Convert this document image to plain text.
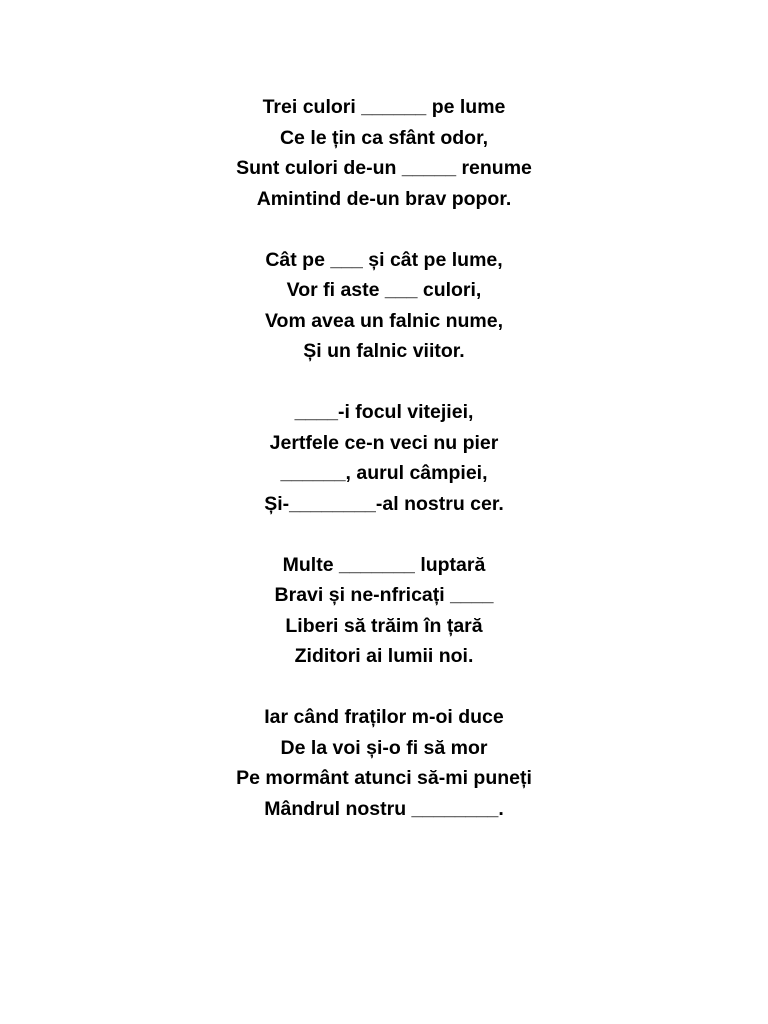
Trei culori ______ pe lume
Ce le țin ca sfânt odor,
Sunt culori de-un _____ renume
Amintind de-un brav popor.
Cât pe ___ și cât pe lume,
Vor fi aste ___ culori,
Vom avea un falnic nume,
Și un falnic viitor.
____-i focul vitejiei,
Jertfele ce-n veci nu pier
______, aurul câmpiei,
Și-________-al nostru cer.
Multe _______ luptară
Bravi și ne-nfricați ____
Liberi să trăim în țară
Ziditori ai lumii noi.
Iar când fraților m-oi duce
De la voi și-o fi să mor
Pe mormânt atunci să-mi puneți
Mândrul nostru ________.
